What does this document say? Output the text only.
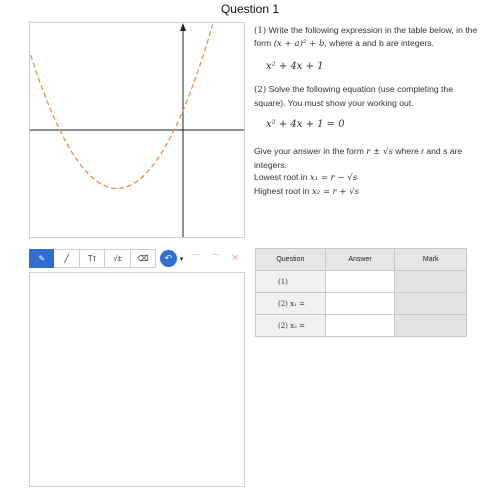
Question 1

(1) Write the following expression in the table below, in the form (x + a)² + b, where a and b are integers.

x² + 4x + 1

(2) Solve the following equation (use completing the square). You must show your working out.

x² + 4x + 1 = 0

Give your answer in the form r ± √s where r and s are integers.

Lowest root in x₁ = r − √s

Highest root in x₂ = r + √s

✎ ╱ Tт √± ⌫ ↶ ▾ ⌒ ⌒ ✕	Question	Answer	Mark
(1)		
(2) x₁ =		
(2) x₂ =		
